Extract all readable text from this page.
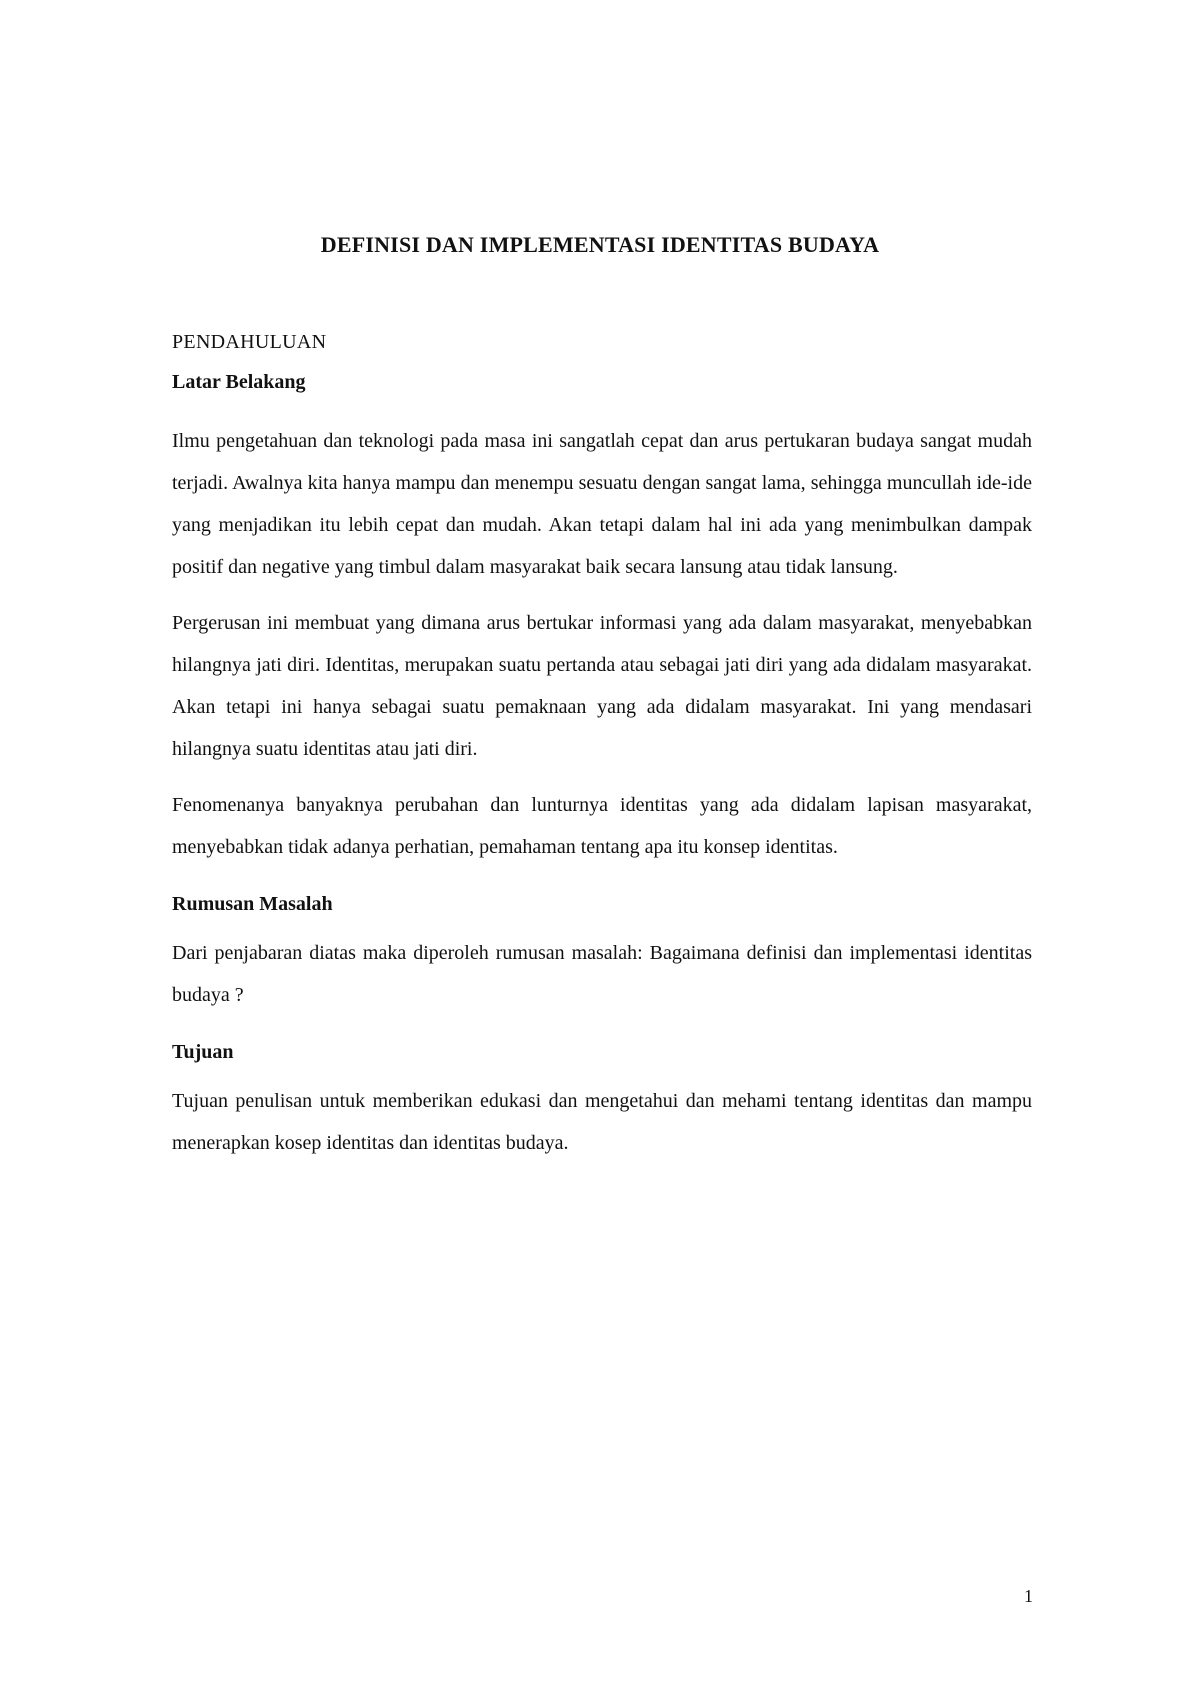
DEFINISI DAN IMPLEMENTASI IDENTITAS BUDAYA
PENDAHULUAN
Latar Belakang

Ilmu pengetahuan dan teknologi pada masa ini sangatlah cepat dan arus pertukaran budaya sangat mudah terjadi. Awalnya kita hanya mampu dan menempu sesuatu dengan sangat lama, sehingga muncullah ide-ide yang menjadikan itu lebih cepat dan mudah. Akan tetapi dalam hal ini ada yang menimbulkan dampak positif dan negative yang timbul dalam masyarakat baik secara lansung atau tidak lansung.

Pergerusan ini membuat yang dimana arus bertukar informasi yang ada dalam masyarakat, menyebabkan hilangnya jati diri. Identitas, merupakan suatu pertanda atau sebagai jati diri yang ada didalam masyarakat. Akan tetapi ini hanya sebagai suatu pemaknaan yang ada didalam masyarakat. Ini yang mendasari hilangnya suatu identitas atau jati diri.

Fenomenanya banyaknya perubahan dan lunturnya identitas yang ada didalam lapisan masyarakat, menyebabkan tidak adanya perhatian, pemahaman tentang apa itu konsep identitas.

Rumusan Masalah

Dari penjabaran diatas maka diperoleh rumusan masalah: Bagaimana definisi dan implementasi identitas budaya ?

Tujuan

Tujuan penulisan untuk memberikan edukasi dan mengetahui dan mehami tentang identitas dan mampu menerapkan kosep identitas dan identitas budaya.

1
